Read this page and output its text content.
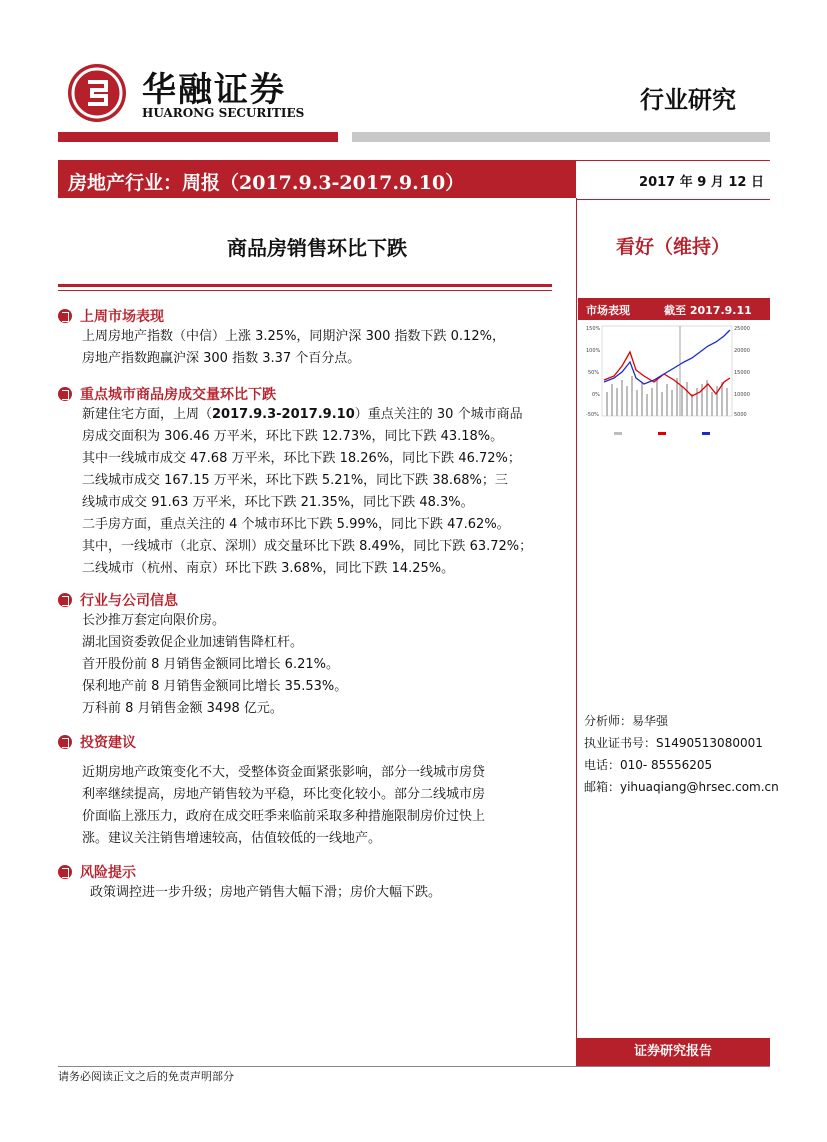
华融证券
HUARONG SECURITIES	行业研究
房地产行业：周报（2017.9.3-2017.9.10）	2017 年 9 月 12 日
商品房销售环比下跌	看好（维持）
上周市场表现

上周房地产指数（中信）上涨 3.25%，同期沪深 300 指数下跌 0.12%，

房地产指数跑赢沪深 300 指数 3.37 个百分点。

重点城市商品房成交量环比下跌

新建住宅方面，上周（2017.9.3-2017.9.10）重点关注的 30 个城市商品

房成交面积为 306.46 万平米，环比下跌 12.73%，同比下跌 43.18%。

其中一线城市成交 47.68 万平米，环比下跌 18.26%，同比下跌 46.72%；

二线城市成交 167.15 万平米，环比下跌 5.21%，同比下跌 38.68%；三

线城市成交 91.63 万平米，环比下跌 21.35%，同比下跌 48.3%。

二手房方面，重点关注的 4 个城市环比下跌 5.99%，同比下跌 47.62%。

其中，一线城市（北京、深圳）成交量环比下跌 8.49%，同比下跌 63.72%；

二线城市（杭州、南京）环比下跌 3.68%，同比下跌 14.25%。

行业与公司信息

长沙推万套定向限价房。

湖北国资委敦促企业加速销售降杠杆。

首开股份前 8 月销售金额同比增长 6.21%。

保利地产前 8 月销售金额同比增长 35.53%。

万科前 8 月销售金额 3498 亿元。

投资建议

近期房地产政策变化不大，受整体资金面紧张影响，部分一线城市房贷

利率继续提高，房地产销售较为平稳，环比变化较小。部分二线城市房

价面临上涨压力，政府在成交旺季来临前采取多种措施限制房价过快上

涨。建议关注销售增速较高，估值较低的一线地产。

风险提示

政策调控进一步升级；房地产销售大幅下滑；房价大幅下跌。

市场表现	截至 2017.9.11
150%
100%
50%
0%
-50%
25000
20000
15000
10000
5000
分析师：易华强
执业证书号：S1490513080001
电话：010- 85556205
邮箱：yihuaqiang@hrsec.com.cn
证券研究报告
请务必阅读正文之后的免责声明部分
